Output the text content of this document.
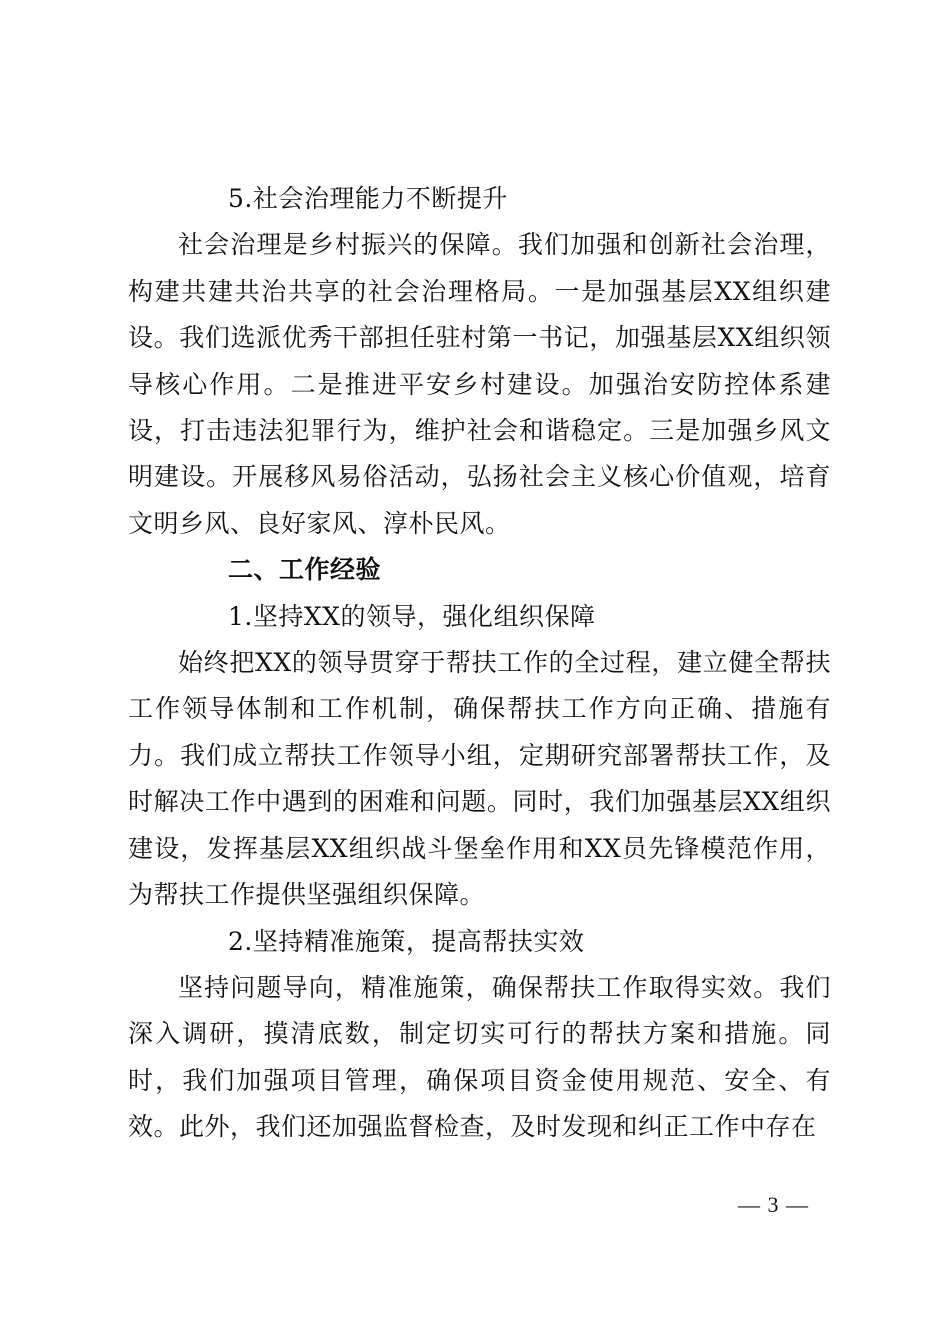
5.社会治理能力不断提升

社会治理是乡村振兴的保障。我们加强和创新社会治理，构建共建共治共享的社会治理格局。一是加强基层XX组织建设。我们选派优秀干部担任驻村第一书记，加强基层XX组织领导核心作用。二是推进平安乡村建设。加强治安防控体系建设，打击违法犯罪行为，维护社会和谐稳定。三是加强乡风文明建设。开展移风易俗活动，弘扬社会主义核心价值观，培育文明乡风、良好家风、淳朴民风。

二、工作经验

1.坚持XX的领导，强化组织保障

始终把XX的领导贯穿于帮扶工作的全过程，建立健全帮扶工作领导体制和工作机制，确保帮扶工作方向正确、措施有力。我们成立帮扶工作领导小组，定期研究部署帮扶工作，及时解决工作中遇到的困难和问题。同时，我们加强基层XX组织建设，发挥基层XX组织战斗堡垒作用和XX员先锋模范作用，为帮扶工作提供坚强组织保障。

2.坚持精准施策，提高帮扶实效

坚持问题导向，精准施策，确保帮扶工作取得实效。我们深入调研，摸清底数，制定切实可行的帮扶方案和措施。同时，我们加强项目管理，确保项目资金使用规范、安全、有效。此外，我们还加强监督检查，及时发现和纠正工作中存在

— 3 —
